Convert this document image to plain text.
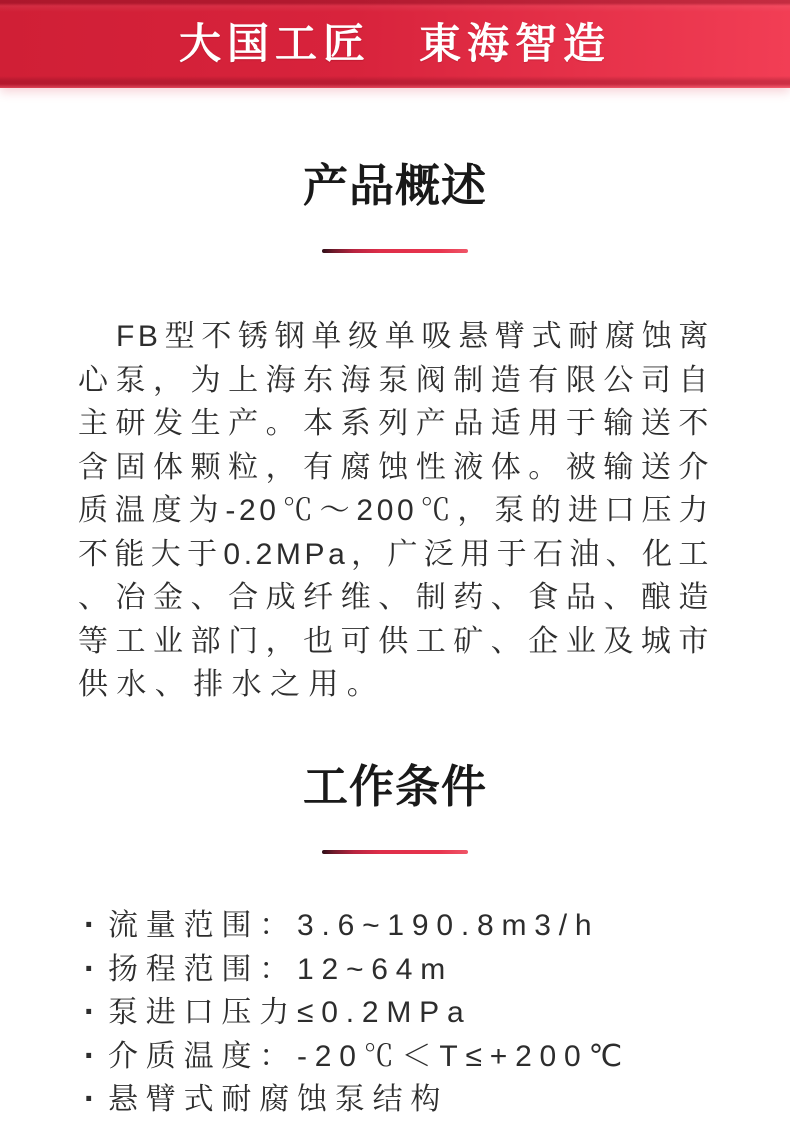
大国工匠　東海智造
产品概述
FB型不锈钢单级单吸悬臂式耐腐蚀离
心泵，为上海东海泵阀制造有限公司自
主研发生产。本系列产品适用于输送不
含固体颗粒，有腐蚀性液体。被输送介
质温度为-20℃～200℃，泵的进口压力
不能大于0.2MPa，广泛用于石油、化工
、冶金、合成纤维、制药、食品、酿造
等工业部门，也可供工矿、企业及城市
供水、排水之用。
工作条件
· 流量范围：3.6~190.8m3/h
· 扬程范围：12~64m
· 泵进口压力≤0.2MPa
· 介质温度：-20℃＜T≤+200℃
· 悬臂式耐腐蚀泵结构
